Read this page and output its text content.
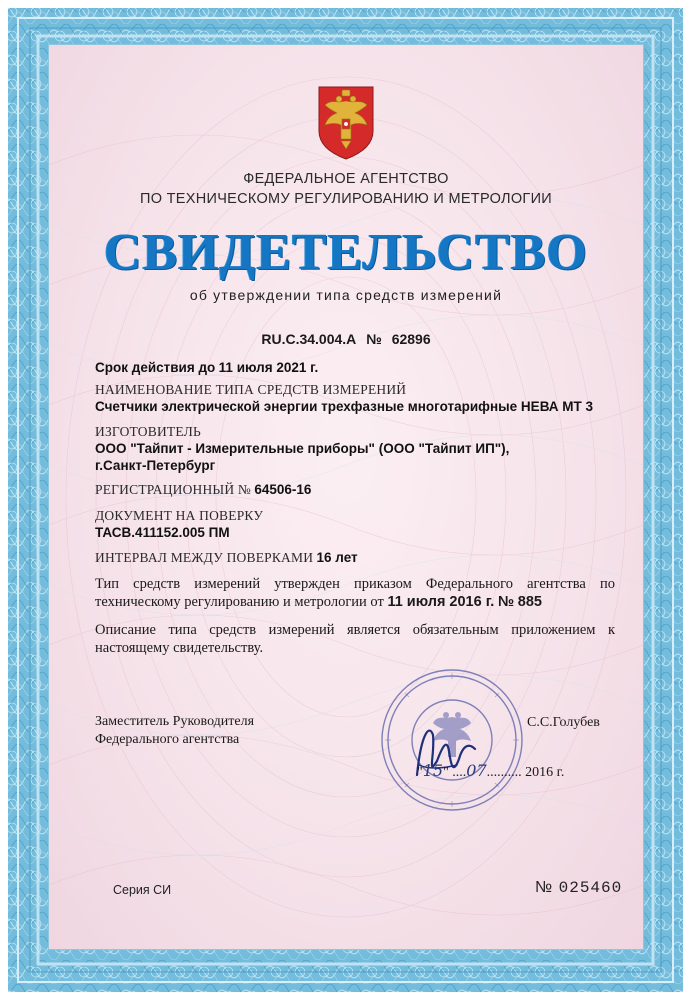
ФЕДЕРАЛЬНОЕ АГЕНТСТВО
ПО ТЕХНИЧЕСКОМУ РЕГУЛИРОВАНИЮ И МЕТРОЛОГИИ
СВИДЕТЕЛЬСТВО
об утверждении типа средств измерений
RU.C.34.004.A № 62896
Срок действия до 11 июля 2021 г.
НАИМЕНОВАНИЕ ТИПА СРЕДСТВ ИЗМЕРЕНИЙ
Счетчики электрической энергии трехфазные многотарифные НЕВА МТ 3
ИЗГОТОВИТЕЛЬ
ООО "Тайпит - Измерительные приборы" (ООО "Тайпит ИП"),
г.Санкт-Петербург
РЕГИСТРАЦИОННЫЙ № 64506-16
ДОКУМЕНТ НА ПОВЕРКУ
ТАСВ.411152.005 ПМ
ИНТЕРВАЛ МЕЖДУ ПОВЕРКАМИ 16 лет
Тип средств измерений утвержден приказом Федерального агентства по техническому регулированию и метрологии от 11 июля 2016 г. № 885
Описание типа средств измерений является обязательным приложением к настоящему свидетельству.
Заместитель Руководителя
Федерального агентства
С.С.Голубев
"15" ....07.......... 2016 г.
Серия СИ	№ 025460
